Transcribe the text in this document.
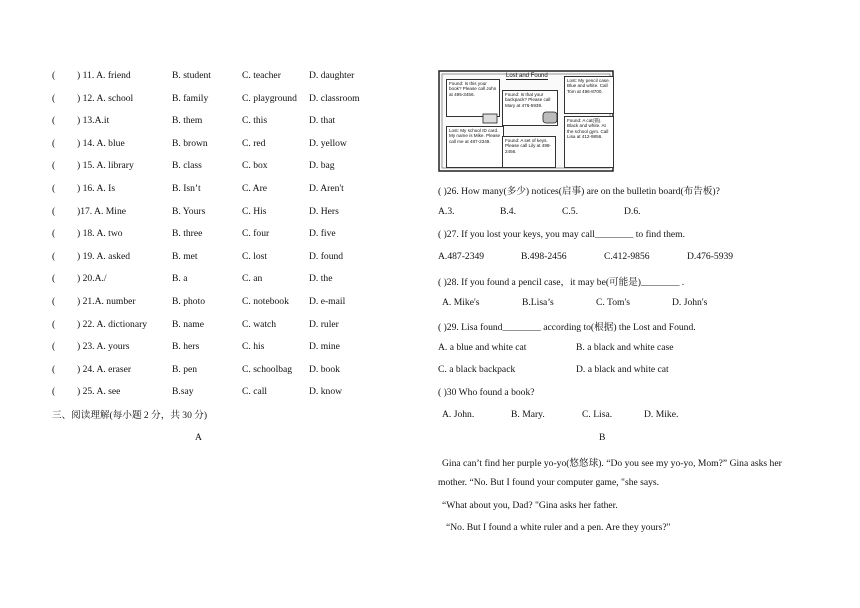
( ) 11. A. friend	B. student	C. teacher	D. daughter
( ) 12. A. school	B. family	C. playground D. classroom
( ) 13.A.it	B. them	C. this	D. that
( ) 14. A. blue	B. brown	C. red	D. yellow
( ) 15. A. library	B. class	C. box	D. bag
( ) 16. A. Is	B. Isn’t	C. Are	D. Aren't
( )17. A. Mine	B. Yours	C. His	D. Hers
( ) 18. A. two	B. three	C. four	D. five
( ) 19. A. asked	B. met	C. lost	D. found
( ) 20.A./	B. a	C. an	D. the
( ) 21.A. number	B. photo	C. notebook D. e-mail
( ) 22. A. dictionary	B. name	C. watch	D. ruler
( ) 23. A. yours	B. hers	C. his	D. mine
( ) 24. A. eraser	B. pen	C. schoolbag D. book
( ) 25. A. see	B.say	C. call	D. know
三、阅读理解(每小题 2 分，共 30 分)
A
Lost and Found
Found: Is this your book? Please call John at 495-3456.
Lost: My pencil case. Blue and white. Call Tom at 496-8700.
Found: Is that your backpack? Please call Mary at 476-5939.
Lost: My school ID card. My name is Mike. Please call me at 487-2349.	Found: A set of keys. Please call Lily at 498-2456.
Found: A cat(猫). Black and white. At the school gym. Call Lisa at 412-9856.
( )26. How many(多少) notices(启事) are on the bulletin board(布告板)?
A.3.	B.4.	C.5.	D.6.
( )27. If you lost your keys, you may call________ to find them.
A.487-2349	B.498-2456	C.412-9856	D.476-5939
( )28. If you found a pencil case，it may be(可能是)________ .
A. Mike's	B.Lisa’s	C. Tom's	D. John's
( )29. Lisa found________ according to(根据) the Lost and Found.
A. a blue and white cat	B. a black and white case
C. a black backpack	D. a black and white cat
( )30 Who found a book?
A. John.	B. Mary.	C. Lisa.	D. Mike.
B
Gina can’t find her purple yo-yo(悠悠球). “Do you see my yo-yo, Mom?” Gina asks her
mother. “No. But I found your computer game, "she says.
“What about you, Dad? "Gina asks her father.
“No. But I found a white ruler and a pen. Are they yours?"
